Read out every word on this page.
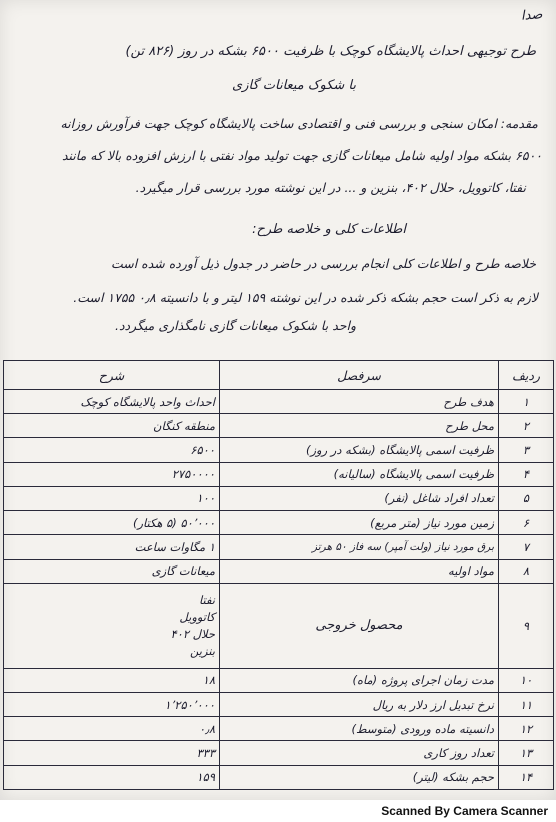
صدا
طرح توجیهی احداث پالایشگاه کوچک با ظرفیت ۶۵۰۰ بشکه در روز (۸۲۶ تن)
با شکوک میعانات گازی
مقدمه: امکان سنجی و بررسی فنی و اقتصادی ساخت پالایشگاه کوچک جهت فرآورش روزانه
۶۵۰۰ بشکه مواد اولیه شامل میعانات گازی جهت تولید مواد نفتی با ارزش افزوده بالا که مانند
نفتا، کاتوویل، حلال ۴۰۲، بنزین و ... در این نوشته مورد بررسی قرار میگیرد.
اطلاعات کلی و خلاصه طرح:
خلاصه طرح و اطلاعات کلی انجام بررسی در حاضر در جدول ذیل آورده شده است
لازم به ذکر است حجم بشکه ذکر شده در این نوشته ۱۵۹ لیتر و با دانسیته ۰٫۸ ۱۷۵۵ است.
واحد با شکوک میعانات گازی نامگذاری میگردد.
ردیف	سرفصل	شرح
۱	هدف طرح	احداث واحد پالایشگاه کوچک
۲	محل طرح	منطقه کنگان
۳	ظرفیت اسمی پالایشگاه (بشکه در روز)	۶۵۰۰
۴	ظرفیت اسمی پالایشگاه (سالیانه)	۲۷۵۰۰۰۰
۵	تعداد افراد شاغل (نفر)	۱۰۰
۶	زمین مورد نیاز (متر مربع)	۵۰٬۰۰۰ (۵ هکتار)
۷	برق مورد نیاز (ولت آمپر) سه فاز ۵۰ هرتز	۱ مگاوات ساعت
۸	مواد اولیه	میعانات گازی
۹	محصول خروجی	نفتا
کاتوویل
حلال ۴۰۲
بنزین

۱۰	مدت زمان اجرای پروژه (ماه)	۱۸
۱۱	نرخ تبدیل ارز دلار به ریال	۱٬۲۵۰٬۰۰۰
۱۲	دانسیته ماده ورودی (متوسط)	۰٫۸
۱۳	تعداد روز کاری	۳۳۳
۱۴	حجم بشکه (لیتر)	۱۵۹
Scanned By Camera Scanner
